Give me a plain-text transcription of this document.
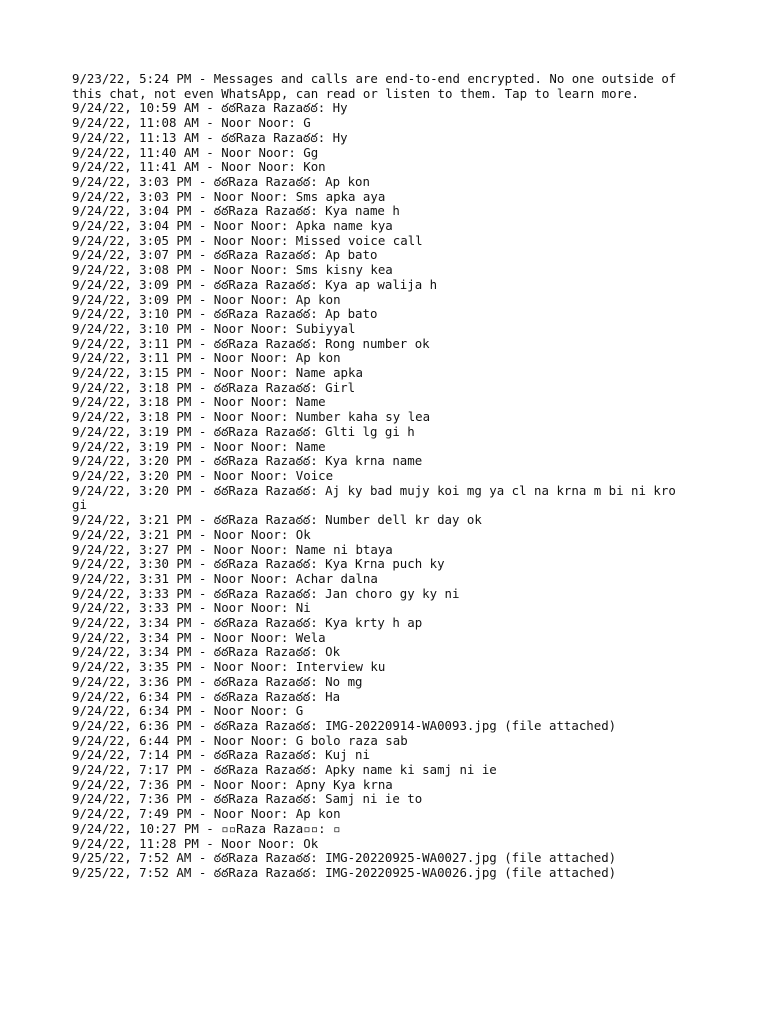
9/23/22, 5:24 PM - Messages and calls are end-to-end encrypted. No one outside of this chat, not even WhatsApp, can read or listen to them. Tap to learn more.
9/24/22, 10:59 AM - ఠఠRaza Razaఠఠ: Hy
9/24/22, 11:08 AM - Noor Noor: G
9/24/22, 11:13 AM - ఠఠRaza Razaఠఠ: Hy
9/24/22, 11:40 AM - Noor Noor: Gg
9/24/22, 11:41 AM - Noor Noor: Kon
9/24/22, 3:03 PM - ఠఠRaza Razaఠఠ: Ap kon
9/24/22, 3:03 PM - Noor Noor: Sms apka aya
9/24/22, 3:04 PM - ఠఠRaza Razaఠఠ: Kya name h
9/24/22, 3:04 PM - Noor Noor: Apka name kya
9/24/22, 3:05 PM - Noor Noor: Missed voice call
9/24/22, 3:07 PM - ఠఠRaza Razaఠఠ: Ap bato
9/24/22, 3:08 PM - Noor Noor: Sms kisny kea
9/24/22, 3:09 PM - ఠఠRaza Razaఠఠ: Kya ap walija h
9/24/22, 3:09 PM - Noor Noor: Ap kon
9/24/22, 3:10 PM - ఠఠRaza Razaఠఠ: Ap bato
9/24/22, 3:10 PM - Noor Noor: Subiyyal
9/24/22, 3:11 PM - ఠఠRaza Razaఠఠ: Rong number ok
9/24/22, 3:11 PM - Noor Noor: Ap kon
9/24/22, 3:15 PM - Noor Noor: Name apka
9/24/22, 3:18 PM - ఠఠRaza Razaఠఠ: Girl
9/24/22, 3:18 PM - Noor Noor: Name
9/24/22, 3:18 PM - Noor Noor: Number kaha sy lea
9/24/22, 3:19 PM - ఠఠRaza Razaఠఠ: Glti lg gi h
9/24/22, 3:19 PM - Noor Noor: Name
9/24/22, 3:20 PM - ఠఠRaza Razaఠఠ: Kya krna name
9/24/22, 3:20 PM - Noor Noor: Voice
9/24/22, 3:20 PM - ఠఠRaza Razaఠఠ: Aj ky bad mujy koi mg ya cl na krna m bi ni kro gi
9/24/22, 3:21 PM - ఠఠRaza Razaఠఠ: Number dell kr day ok
9/24/22, 3:21 PM - Noor Noor: Ok
9/24/22, 3:27 PM - Noor Noor: Name ni btaya
9/24/22, 3:30 PM - ఠఠRaza Razaఠఠ: Kya Krna puch ky
9/24/22, 3:31 PM - Noor Noor: Achar dalna
9/24/22, 3:33 PM - ఠఠRaza Razaఠఠ: Jan choro gy ky ni
9/24/22, 3:33 PM - Noor Noor: Ni
9/24/22, 3:34 PM - ఠఠRaza Razaఠఠ: Kya krty h ap
9/24/22, 3:34 PM - Noor Noor: Wela
9/24/22, 3:34 PM - ఠఠRaza Razaఠఠ: Ok
9/24/22, 3:35 PM - Noor Noor: Interview ku
9/24/22, 3:36 PM - ఠఠRaza Razaఠఠ: No mg
9/24/22, 6:34 PM - ఠఠRaza Razaఠఠ: Ha
9/24/22, 6:34 PM - Noor Noor: G
9/24/22, 6:36 PM - ఠఠRaza Razaఠఠ: IMG-20220914-WA0093.jpg (file attached)
9/24/22, 6:44 PM - Noor Noor: G bolo raza sab
9/24/22, 7:14 PM - ఠఠRaza Razaఠఠ: Kuj ni
9/24/22, 7:17 PM - ఠఠRaza Razaఠఠ: Apky name ki samj ni ie
9/24/22, 7:36 PM - Noor Noor: Apny Kya krna
9/24/22, 7:36 PM - ఠఠRaza Razaఠఠ: Samj ni ie to
9/24/22, 7:49 PM - Noor Noor: Ap kon
9/24/22, 10:27 PM - ▫▫Raza Raza▫▫: ▫
9/24/22, 11:28 PM - Noor Noor: Ok
9/25/22, 7:52 AM - ఠఠRaza Razaఠఠ: IMG-20220925-WA0027.jpg (file attached)
9/25/22, 7:52 AM - ఠఠRaza Razaఠఠ: IMG-20220925-WA0026.jpg (file attached)
